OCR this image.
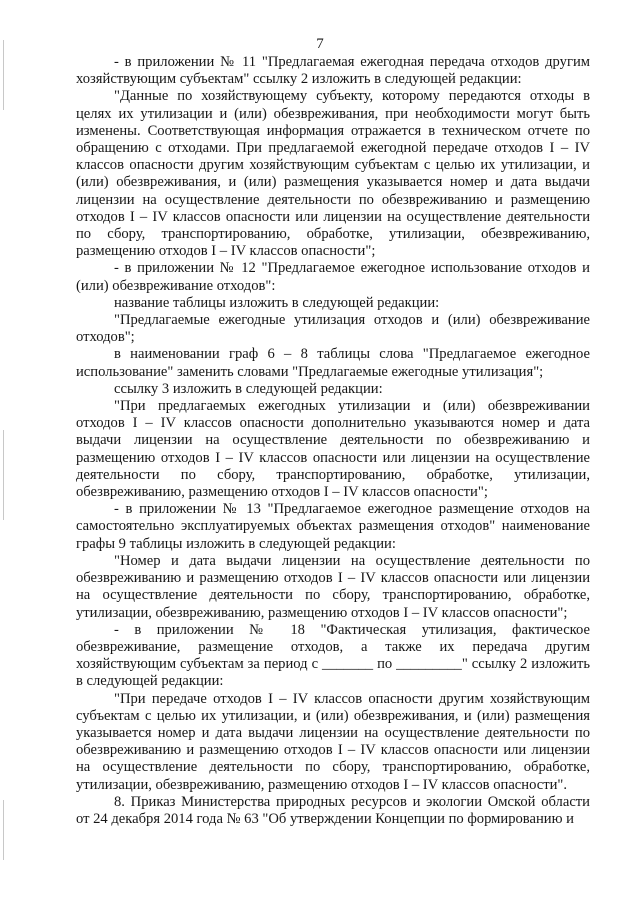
7

- в приложении № 11 "Предлагаемая ежегодная передача отходов другим хозяйствующим субъектам" ссылку 2 изложить в следующей редакции:

"Данные по хозяйствующему субъекту, которому передаются отходы в целях их утилизации и (или) обезвреживания, при необходимости могут быть изменены. Соответствующая информация отражается в техническом отчете по обращению с отходами. При предлагаемой ежегодной передаче отходов I – IV классов опасности другим хозяйствующим субъектам с целью их утилизации, и (или) обезвреживания, и (или) размещения указывается номер и дата выдачи лицензии на осуществление деятельности по обезвреживанию и размещению отходов I – IV классов опасности или лицензии на осуществление деятельности по сбору, транспортированию, обработке, утилизации, обезвреживанию, размещению отходов I – IV классов опасности";

- в приложении № 12 "Предлагаемое ежегодное использование отходов и (или) обезвреживание отходов":

название таблицы изложить в следующей редакции:

"Предлагаемые ежегодные утилизация отходов и (или) обезвреживание отходов";

в наименовании граф 6 – 8 таблицы слова "Предлагаемое ежегодное использование" заменить словами "Предлагаемые ежегодные утилизация";

ссылку 3 изложить в следующей редакции:

"При предлагаемых ежегодных утилизации и (или) обезвреживании отходов I – IV классов опасности дополнительно указываются номер и дата выдачи лицензии на осуществление деятельности по обезвреживанию и размещению отходов I – IV классов опасности или лицензии на осуществление деятельности по сбору, транспортированию, обработке, утилизации, обезвреживанию, размещению отходов I – IV классов опасности";

- в приложении № 13 "Предлагаемое ежегодное размещение отходов на самостоятельно эксплуатируемых объектах размещения отходов" наименование графы 9 таблицы изложить в следующей редакции:

"Номер и дата выдачи лицензии на осуществление деятельности по обезвреживанию и размещению отходов I – IV классов опасности или лицензии на осуществление деятельности по сбору, транспортированию, обработке, утилизации, обезвреживанию, размещению отходов I – IV классов опасности";

- в приложении № 18 "Фактическая утилизация, фактическое обезвреживание, размещение отходов, а также их передача другим хозяйствующим субъектам за период с _______ по _________" ссылку 2 изложить в следующей редакции:

"При передаче отходов I – IV классов опасности другим хозяйствующим субъектам с целью их утилизации, и (или) обезвреживания, и (или) размещения указывается номер и дата выдачи лицензии на осуществление деятельности по обезвреживанию и размещению отходов I – IV классов опасности или лицензии на осуществление деятельности по сбору, транспортированию, обработке, утилизации, обезвреживанию, размещению отходов I – IV классов опасности".

8. Приказ Министерства природных ресурсов и экологии Омской области от 24 декабря 2014 года № 63 "Об утверждении Концепции по формированию и
